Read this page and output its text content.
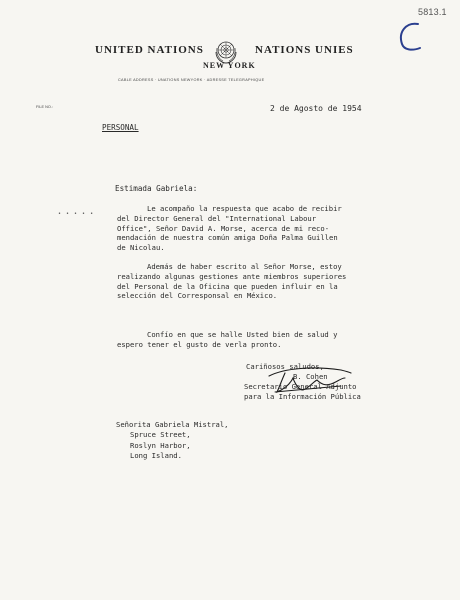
5813.1
UNITED NATIONS	NATIONS UNIES
NEW YORK
CABLE ADDRESS · UNATIONS NEWYORK · ADRESSE TELEGRAPHIQUE
FILE NO.:	2 de Agosto de 1954
PERSONAL
Estimada Gabriela:
• • • • •
Le acompaño la respuesta que acabo de recibir
del Director General del "International Labour
Office", Señor David A. Morse, acerca de mi reco-
mendación de nuestra común amiga Doña Palma Guillen
de Nicolau.
Además de haber escrito al Señor Morse, estoy
realizando algunas gestiones ante miembros superiores
del Personal de la Oficina que pueden influir en la
selección del Corresponsal en México.
Confío en que se halle Usted bien de salud y
espero tener el gusto de verla pronto.
Cariñosos saludos,
B. Cohen
Secretario General Adjunto
para la Información Pública
Señorita Gabriela Mistral,
Spruce Street,
Roslyn Harbor,
Long Island.
